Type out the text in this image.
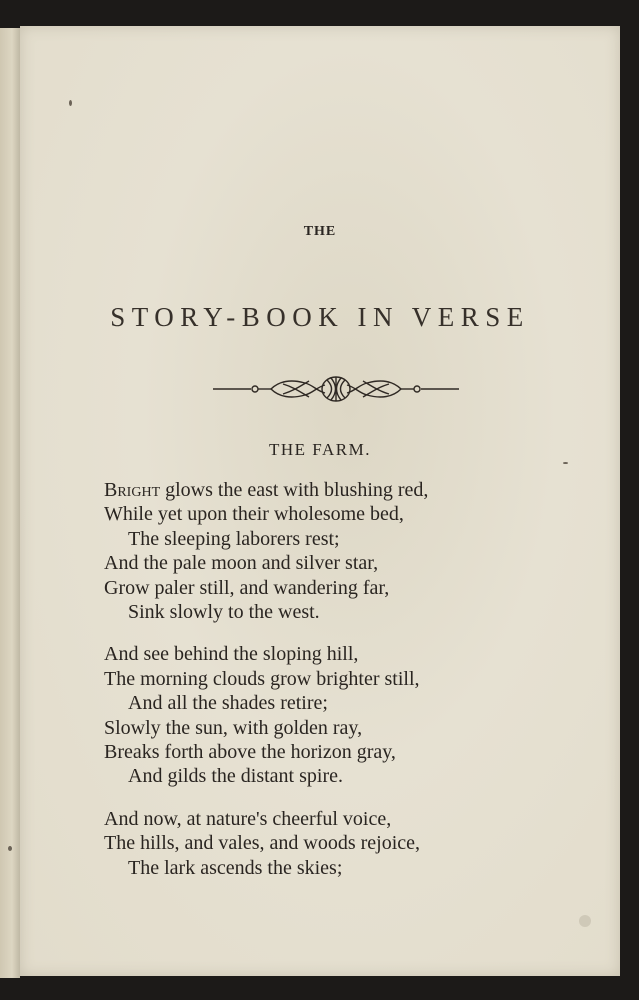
THE
STORY-BOOK IN VERSE
THE FARM.
Bright glows the east with blushing red,
While yet upon their wholesome bed,
The sleeping laborers rest;
And the pale moon and silver star,
Grow paler still, and wandering far,
Sink slowly to the west.
And see behind the sloping hill,
The morning clouds grow brighter still,
And all the shades retire;
Slowly the sun, with golden ray,
Breaks forth above the horizon gray,
And gilds the distant spire.
And now, at nature's cheerful voice,
The hills, and vales, and woods rejoice,
The lark ascends the skies;
